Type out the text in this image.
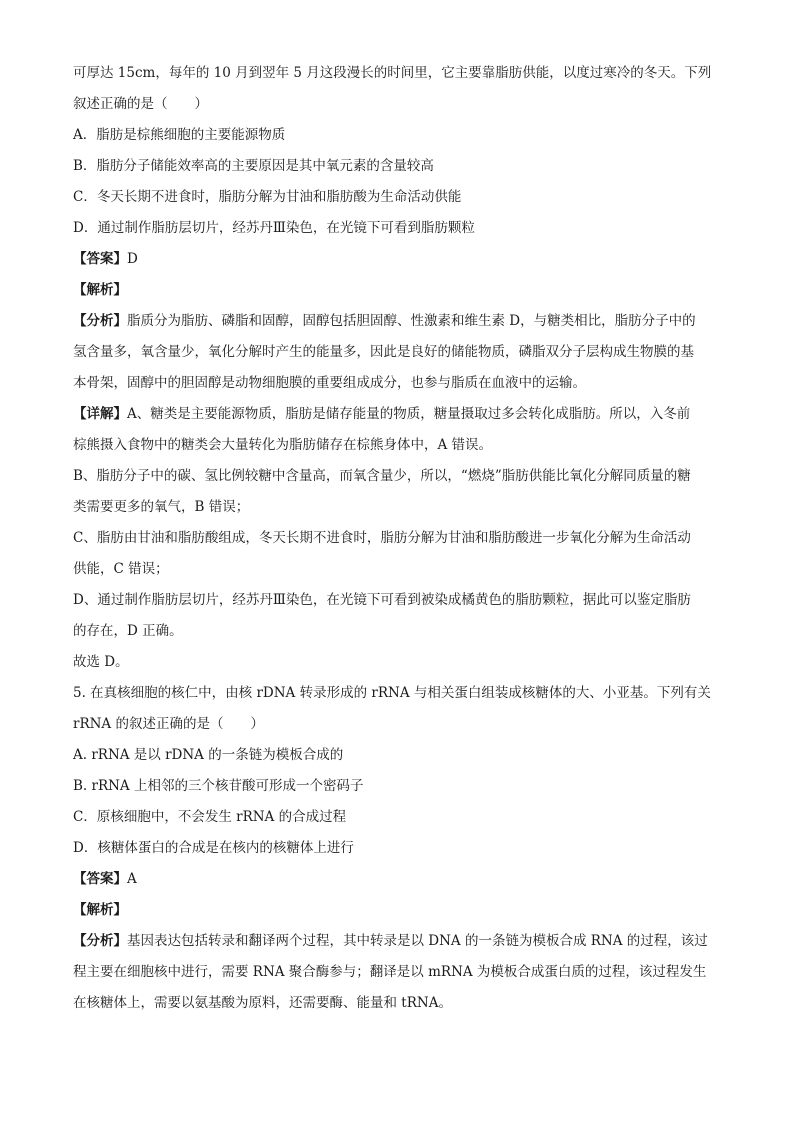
可厚达 15cm，每年的 10 月到翌年 5 月这段漫长的时间里，它主要靠脂肪供能，以度过寒冷的冬天。下列

叙述正确的是（　　）

A．脂肪是棕熊细胞的主要能源物质

B．脂肪分子储能效率高的主要原因是其中氧元素的含量较高

C．冬天长期不进食时，脂肪分解为甘油和脂肪酸为生命活动供能

D．通过制作脂肪层切片，经苏丹Ⅲ染色，在光镜下可看到脂肪颗粒

【答案】D

【解析】

【分析】脂质分为脂肪、磷脂和固醇，固醇包括胆固醇、性激素和维生素 D，与糖类相比，脂肪分子中的

氢含量多，氧含量少，氧化分解时产生的能量多，因此是良好的储能物质，磷脂双分子层构成生物膜的基

本骨架，固醇中的胆固醇是动物细胞膜的重要组成成分，也参与脂质在血液中的运输。

【详解】A、糖类是主要能源物质，脂肪是储存能量的物质，糖量摄取过多会转化成脂肪。所以，入冬前

棕熊摄入食物中的糖类会大量转化为脂肪储存在棕熊身体中，A 错误。

B、脂肪分子中的碳、氢比例较糖中含量高，而氧含量少，所以，“燃烧”脂肪供能比氧化分解同质量的糖

类需要更多的氧气，B 错误；

C、脂肪由甘油和脂肪酸组成，冬天长期不进食时，脂肪分解为甘油和脂肪酸进一步氧化分解为生命活动

供能，C 错误；

D、通过制作脂肪层切片，经苏丹Ⅲ染色，在光镜下可看到被染成橘黄色的脂肪颗粒，据此可以鉴定脂肪

的存在，D 正确。

故选 D。

5. 在真核细胞的核仁中，由核 rDNA 转录形成的 rRNA 与相关蛋白组装成核糖体的大、小亚基。下列有关

rRNA 的叙述正确的是（　　）

A. rRNA 是以 rDNA 的一条链为模板合成的

B. rRNA 上相邻的三个核苷酸可形成一个密码子

C．原核细胞中，不会发生 rRNA 的合成过程

D．核糖体蛋白的合成是在核内的核糖体上进行

【答案】A

【解析】

【分析】基因表达包括转录和翻译两个过程，其中转录是以 DNA 的一条链为模板合成 RNA 的过程，该过

程主要在细胞核中进行，需要 RNA 聚合酶参与；翻译是以 mRNA 为模板合成蛋白质的过程，该过程发生

在核糖体上，需要以氨基酸为原料，还需要酶、能量和 tRNA。
